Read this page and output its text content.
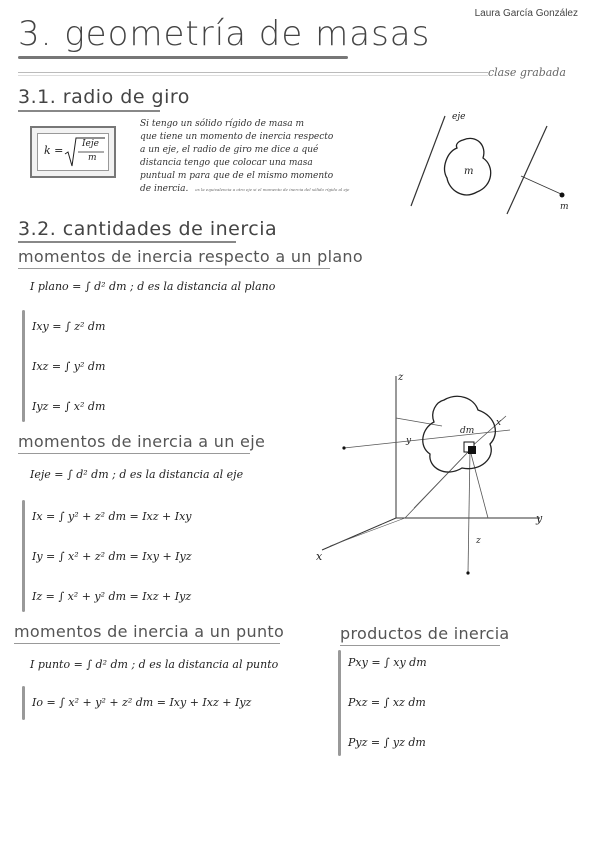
Laura García González
3. geometría de masas
clase grabada
3.1. radio de giro
k = Ieje
m
Si tengo un sólido rígido de masa m
que tiene un momento de inercia respecto
a un eje, el radio de giro me dice a qué
distancia tengo que colocar una masa
puntual m para que de el mismo momento
de inercia. es la equivalencia a otro eje si el momento de inercia del sólido rígido al eje
eje
m
m
3.2. cantidades de inercia
momentos de inercia respecto a un plano
I plano = ∫ d² dm ; d es la distancia al plano
Ixy = ∫ z² dm
Ixz = ∫ y² dm
Iyz = ∫ x² dm
momentos de inercia a un eje
Ieje = ∫ d² dm ; d es la distancia al eje
Ix = ∫ y² + z² dm = Ixz + Ixy
Iy = ∫ x² + z² dm = Ixy + Iyz
Iz = ∫ x² + y² dm = Ixz + Iyz
z
x
y
dm
y
z
x
momentos de inercia a un punto
I punto = ∫ d² dm ; d es la distancia al punto
Io = ∫ x² + y² + z² dm = Ixy + Ixz + Iyz
productos de inercia
Pxy = ∫ xy dm
Pxz = ∫ xz dm
Pyz = ∫ yz dm
